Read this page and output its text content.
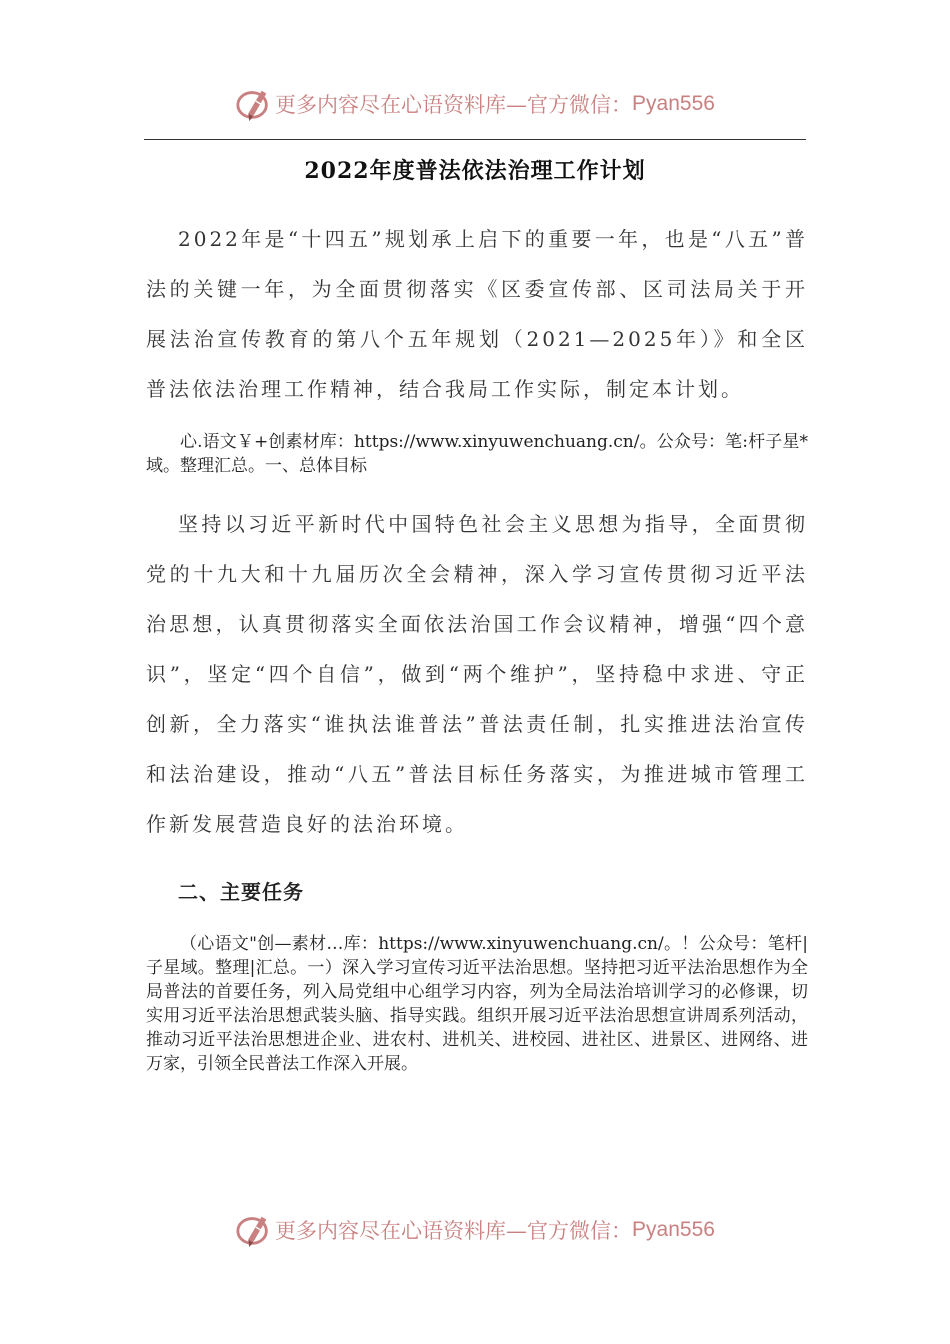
更多内容尽在心语资料库—官方微信： Pyan556
2022年度普法依法治理工作计划
2022年是“十四五”规划承上启下的重要一年，也是“八五”普法的关键一年，为全面贯彻落实《区委宣传部、区司法局关于开展法治宣传教育的第八个五年规划（2021—2025年）》和全区普法依法治理工作精神，结合我局工作实际，制定本计划。
心.语文￥+创素材库：https://www.xinyuwenchuang.cn/。公众号：笔:杆子星*域。整理汇总。一、总体目标
坚持以习近平新时代中国特色社会主义思想为指导，全面贯彻党的十九大和十九届历次全会精神，深入学习宣传贯彻习近平法治思想，认真贯彻落实全面依法治国工作会议精神，增强“四个意识”，坚定“四个自信”，做到“两个维护”，坚持稳中求进、守正创新，全力落实“谁执法谁普法”普法责任制，扎实推进法治宣传和法治建设，推动“八五”普法目标任务落实，为推进城市管理工作新发展营造良好的法治环境。
二、主要任务
（心语文"创—素材…库：https://www.xinyuwenchuang.cn/。！公众号：笔杆|子星域。整理|汇总。一）深入学习宣传习近平法治思想。坚持把习近平法治思想作为全局普法的首要任务，列入局党组中心组学习内容，列为全局法治培训学习的必修课，切实用习近平法治思想武装头脑、指导实践。组织开展习近平法治思想宣讲周系列活动，推动习近平法治思想进企业、进农村、进机关、进校园、进社区、进景区、进网络、进万家，引领全民普法工作深入开展。
更多内容尽在心语资料库—官方微信： Pyan556
